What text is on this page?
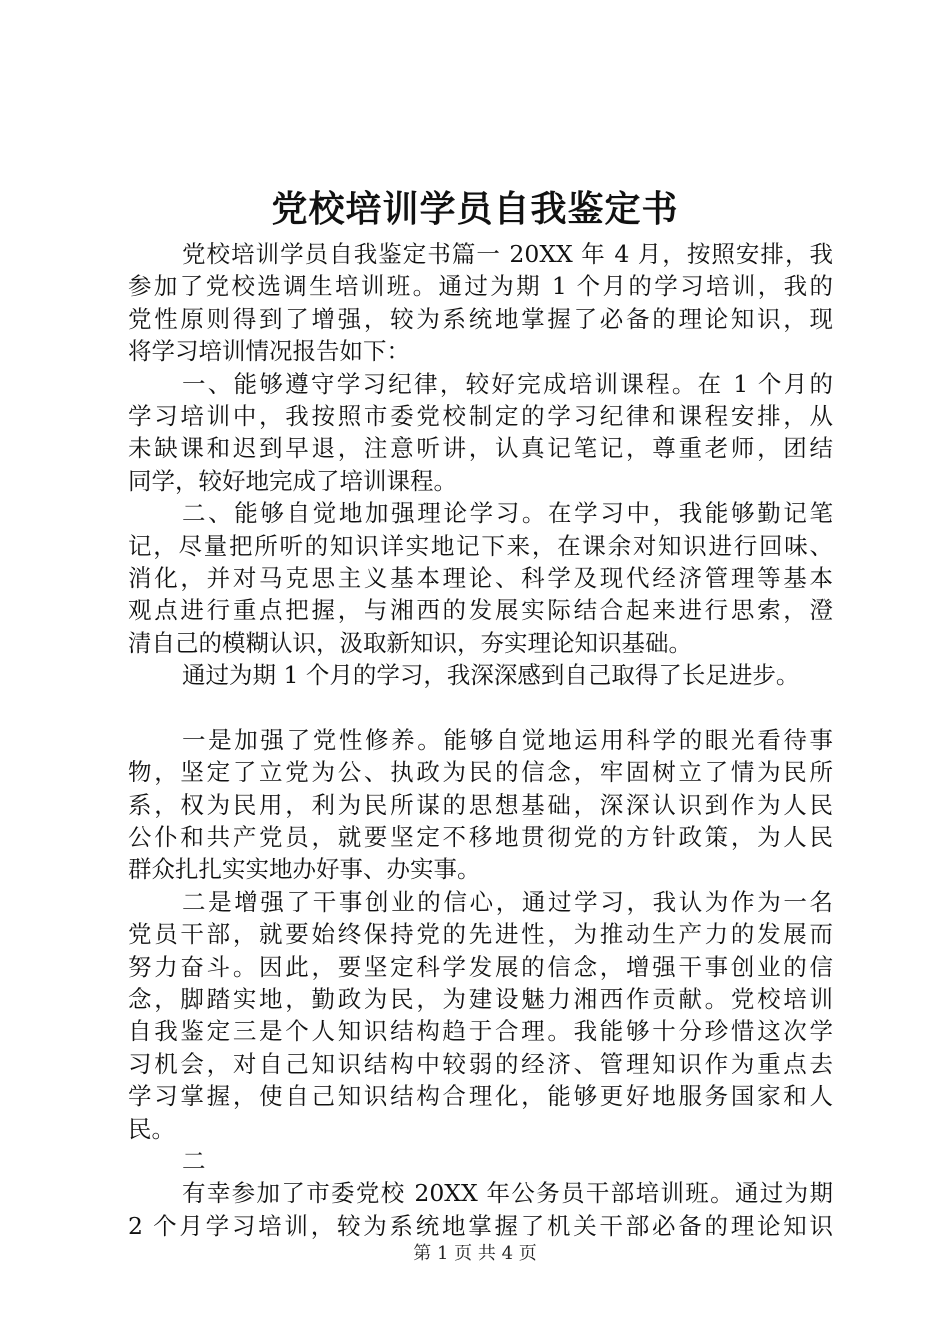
党校培训学员自我鉴定书
党校培训学员自我鉴定书篇一 20XX 年 4 月，按照安排，我
参加了党校选调生培训班。通过为期 1 个月的学习培训，我的
党性原则得到了增强，较为系统地掌握了必备的理论知识，现
将学习培训情况报告如下：
一、能够遵守学习纪律，较好完成培训课程。在 1 个月的
学习培训中，我按照市委党校制定的学习纪律和课程安排，从
未缺课和迟到早退，注意听讲，认真记笔记，尊重老师，团结
同学，较好地完成了培训课程。
二、能够自觉地加强理论学习。在学习中，我能够勤记笔
记，尽量把所听的知识详实地记下来，在课余对知识进行回味、
消化，并对马克思主义基本理论、科学及现代经济管理等基本
观点进行重点把握，与湘西的发展实际结合起来进行思索，澄
清自己的模糊认识，汲取新知识，夯实理论知识基础。
通过为期 1 个月的学习，我深深感到自己取得了长足进步。
一是加强了党性修养。能够自觉地运用科学的眼光看待事
物，坚定了立党为公、执政为民的信念，牢固树立了情为民所
系，权为民用，利为民所谋的思想基础，深深认识到作为人民
公仆和共产党员，就要坚定不移地贯彻党的方针政策，为人民
群众扎扎实实地办好事、办实事。
二是增强了干事创业的信心，通过学习，我认为作为一名
党员干部，就要始终保持党的先进性，为推动生产力的发展而
努力奋斗。因此，要坚定科学发展的信念，增强干事创业的信
念，脚踏实地，勤政为民，为建设魅力湘西作贡献。党校培训
自我鉴定三是个人知识结构趋于合理。我能够十分珍惜这次学
习机会，对自己知识结构中较弱的经济、管理知识作为重点去
学习掌握，使自己知识结构合理化，能够更好地服务国家和人
民。
二
有幸参加了市委党校 20XX 年公务员干部培训班。通过为期
2 个月学习培训，较为系统地掌握了机关干部必备的理论知识
第 1 页 共 4 页
